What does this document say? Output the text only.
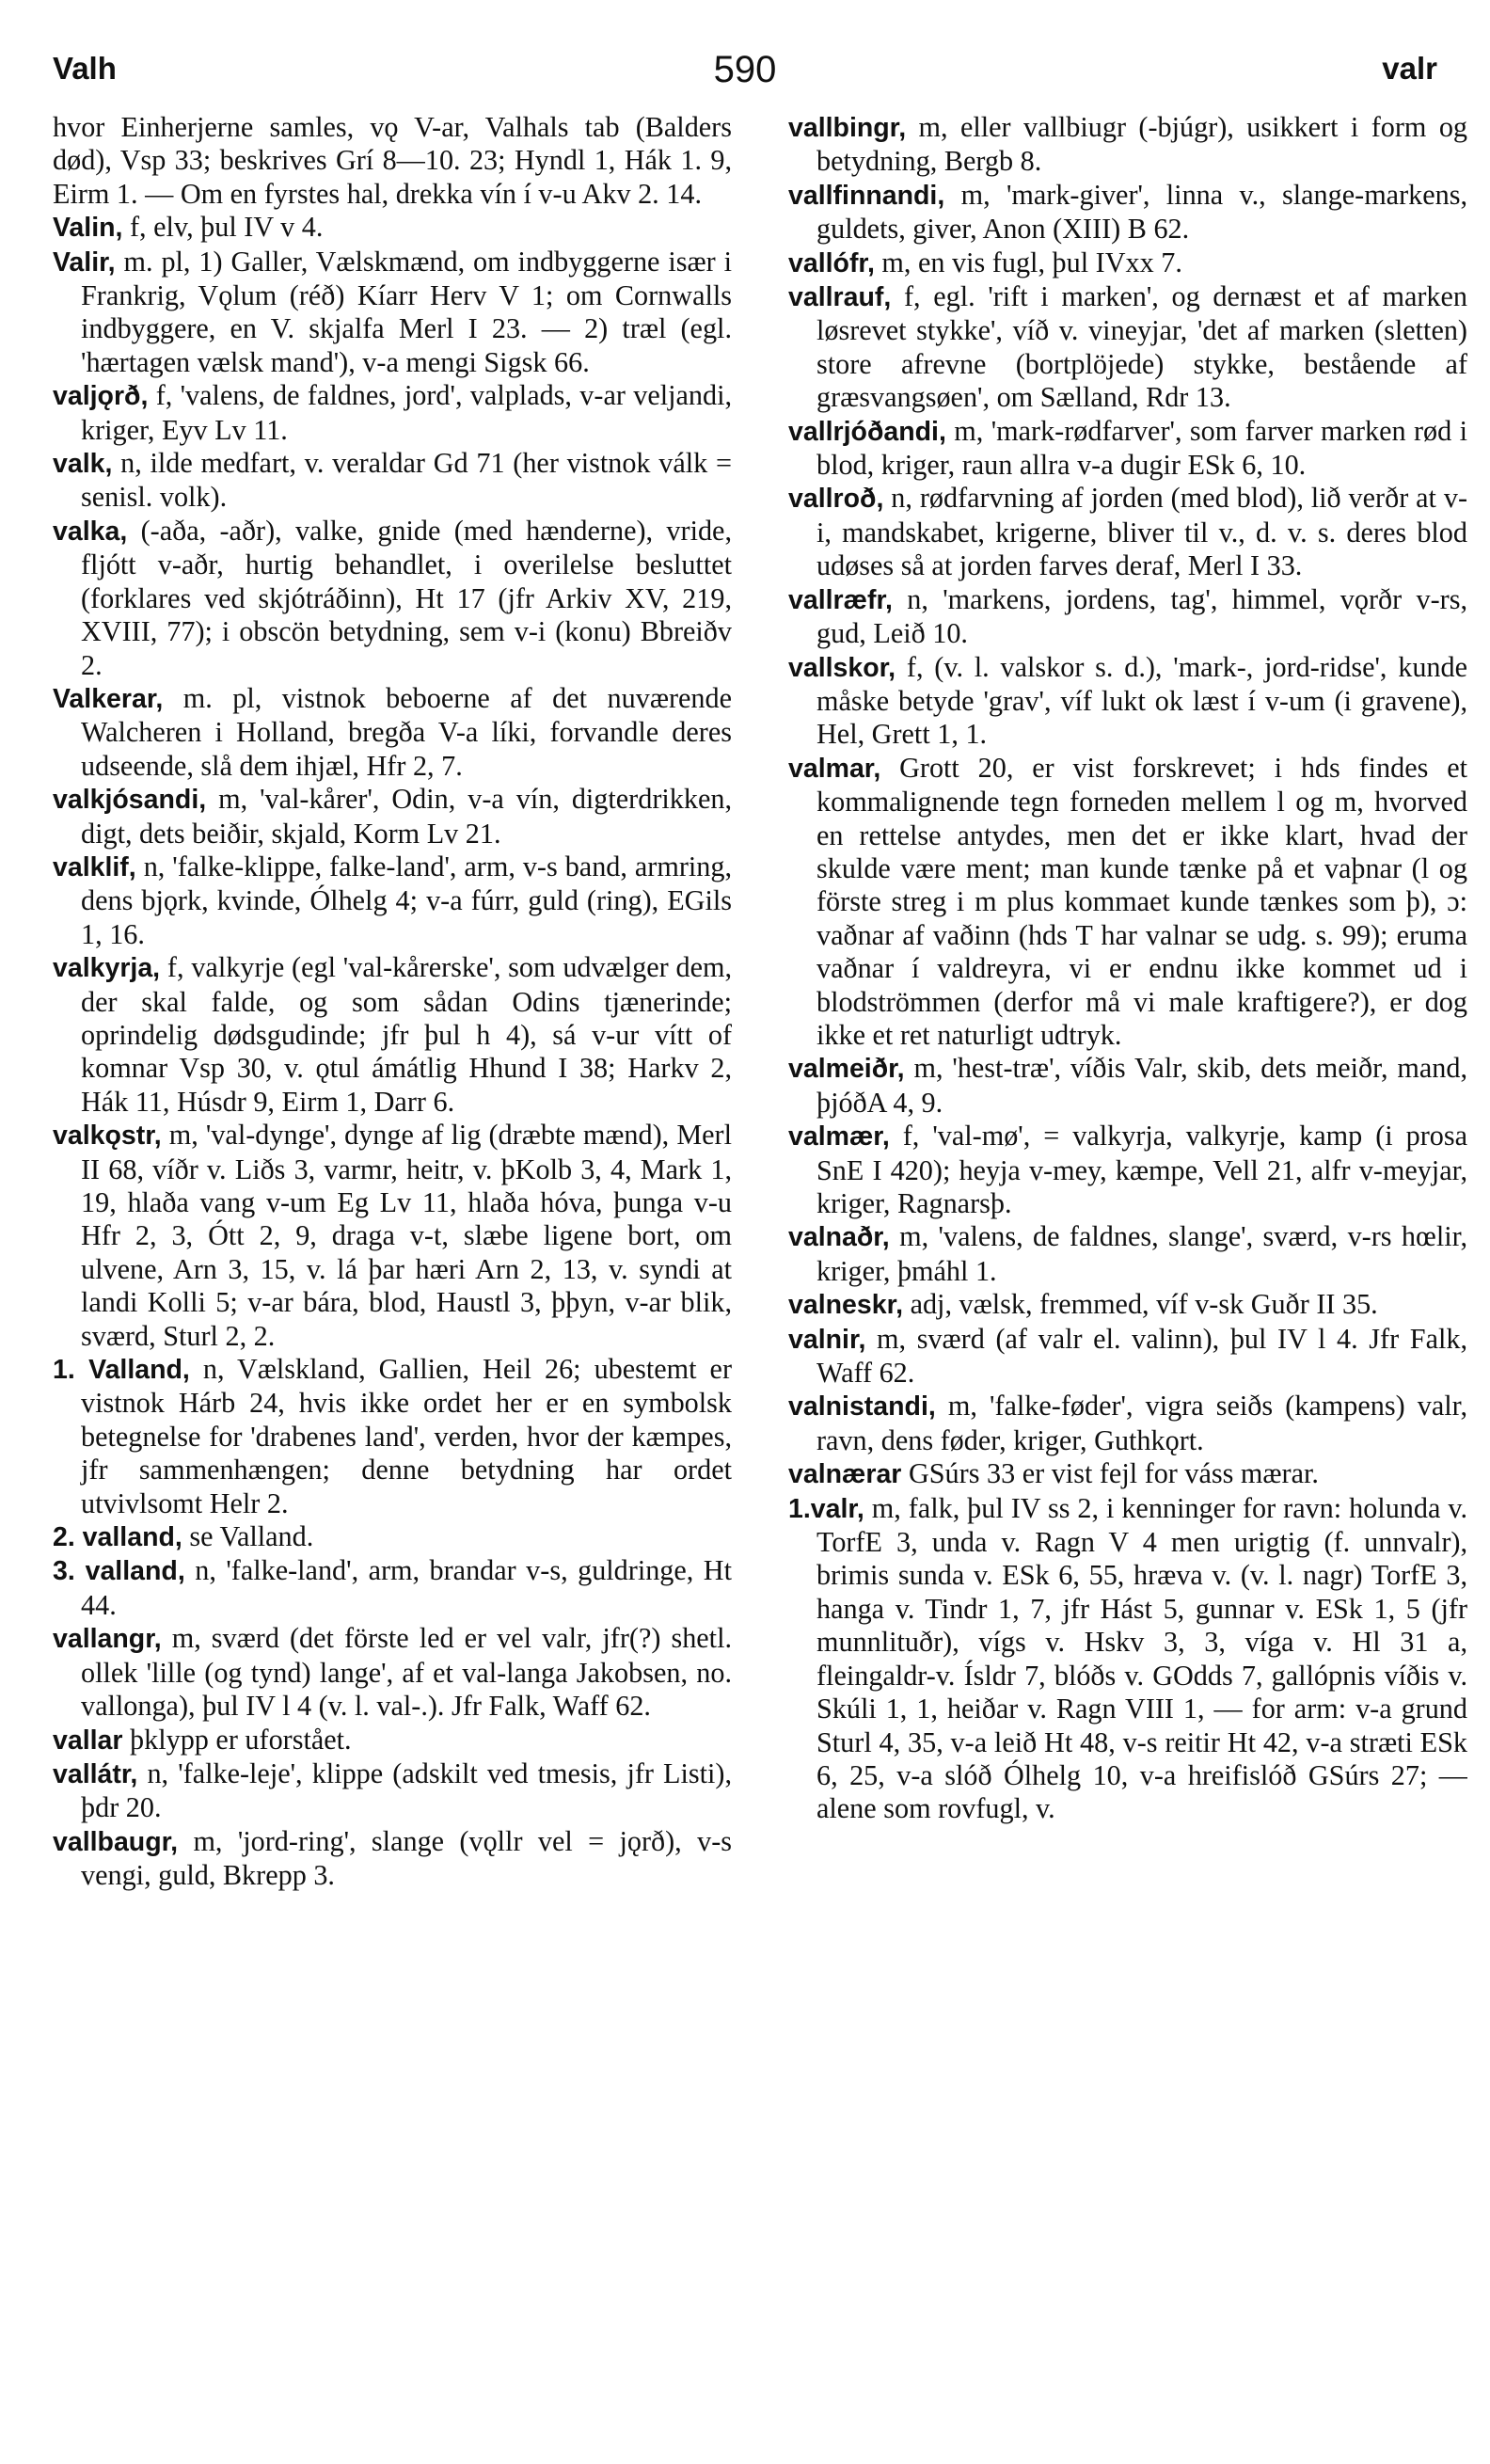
Valh	590	valr

hvor Einherjerne samles, vǫ V-ar, Valhals tab (Balders død), Vsp 33; beskrives Grí 8—10. 23; Hyndl 1, Hák 1. 9, Eirm 1. — Om en fyrstes hal, drekka vín í v-u Akv 2. 14.

Valin, f, elv, þul IV v 4.

Valir, m. pl, 1) Galler, Vælskmænd, om indbyggerne især i Frankrig, Vǫlum (réð) Kíarr Herv V 1; om Cornwalls indbyggere, en V. skjalfa Merl I 23. — 2) træl (egl. 'hærtagen vælsk mand'), v-a mengi Sigsk 66.

valjǫrð, f, 'valens, de faldnes, jord', valplads, v-ar veljandi, kriger, Eyv Lv 11.

valk, n, ilde medfart, v. veraldar Gd 71 (her vistnok válk = senisl. volk).

valka, (-aða, -aðr), valke, gnide (med hænderne), vride, fljótt v-aðr, hurtig behandlet, i overilelse besluttet (forklares ved skjótráðinn), Ht 17 (jfr Arkiv XV, 219, XVIII, 77); i obscön betydning, sem v-i (konu) Bbreiðv 2.

Valkerar, m. pl, vistnok beboerne af det nuværende Walcheren i Holland, bregða V-a líki, forvandle deres udseende, slå dem ihjæl, Hfr 2, 7.

valkjósandi, m, 'val-kårer', Odin, v-a vín, digterdrikken, digt, dets beiðir, skjald, Korm Lv 21.

valklif, n, 'falke-klippe, falke-land', arm, v-s band, armring, dens bjǫrk, kvinde, Ólhelg 4; v-a fúrr, guld (ring), EGils 1, 16.

valkyrja, f, valkyrje (egl 'val-kårerske', som udvælger dem, der skal falde, og som sådan Odins tjænerinde; oprindelig dødsgudinde; jfr þul h 4), sá v-ur vítt of komnar Vsp 30, v. ǫtul ámátlig Hhund I 38; Harkv 2, Hák 11, Húsdr 9, Eirm 1, Darr 6.

valkǫstr, m, 'val-dynge', dynge af lig (dræbte mænd), Merl II 68, víðr v. Liðs 3, varmr, heitr, v. þKolb 3, 4, Mark 1, 19, hlaða vang v-um Eg Lv 11, hlaða hóva, þunga v-u Hfr 2, 3, Ótt 2, 9, draga v-t, slæbe ligene bort, om ulvene, Arn 3, 15, v. lá þar hæri Arn 2, 13, v. syndi at landi Kolli 5; v-ar bára, blod, Haustl 3, þþyn, v-ar blik, sværd, Sturl 2, 2.

1. Valland, n, Vælskland, Gallien, Heil 26; ubestemt er vistnok Hárb 24, hvis ikke ordet her er en symbolsk betegnelse for 'drabenes land', verden, hvor der kæmpes, jfr sammenhængen; denne betydning har ordet utvivlsomt Helr 2.

2. valland, se Valland.

3. valland, n, 'falke-land', arm, brandar v-s, guldringe, Ht 44.

vallangr, m, sværd (det förste led er vel valr, jfr(?) shetl. ollek 'lille (og tynd) lange', af et val-langa Jakobsen, no. vallonga), þul IV l 4 (v. l. val-.). Jfr Falk, Waff 62.

vallar þklypp er uforstået.

vallátr, n, 'falke-leje', klippe (adskilt ved tmesis, jfr Listi), þdr 20.

vallbaugr, m, 'jord-ring', slange (vǫllr vel = jǫrð), v-s vengi, guld, Bkrepp 3.

vallbingr, m, eller vallbiugr (-bjúgr), usikkert i form og betydning, Bergb 8.

vallfinnandi, m, 'mark-giver', linna v., slange-markens, guldets, giver, Anon (XIII) B 62.

vallófr, m, en vis fugl, þul IVxx 7.

vallrauf, f, egl. 'rift i marken', og dernæst et af marken løsrevet stykke', víð v. vineyjar, 'det af marken (sletten) store afrevne (bortplöjede) stykke, bestående af græsvangsøen', om Sælland, Rdr 13.

vallrjóðandi, m, 'mark-rødfarver', som farver marken rød i blod, kriger, raun allra v-a dugir ESk 6, 10.

vallroð, n, rødfarvning af jorden (med blod), lið verðr at v-i, mandskabet, krigerne, bliver til v., d. v. s. deres blod udøses så at jorden farves deraf, Merl I 33.

vallræfr, n, 'markens, jordens, tag', himmel, vǫrðr v-rs, gud, Leið 10.

vallskor, f, (v. l. valskor s. d.), 'mark-, jord-ridse', kunde måske betyde 'grav', víf lukt ok læst í v-um (i gravene), Hel, Grett 1, 1.

valmar, Grott 20, er vist forskrevet; i hds findes et kommalignende tegn forneden mellem l og m, hvorved en rettelse antydes, men det er ikke klart, hvad der skulde være ment; man kunde tænke på et vaþnar (l og förste streg i m plus kommaet kunde tænkes som þ), ɔ: vaðnar af vaðinn (hds T har valnar se udg. s. 99); eruma vaðnar í valdreyra, vi er endnu ikke kommet ud i blodströmmen (derfor må vi male kraftigere?), er dog ikke et ret naturligt udtryk.

valmeiðr, m, 'hest-træ', víðis Valr, skib, dets meiðr, mand, þjóðA 4, 9.

valmær, f, 'val-mø', = valkyrja, valkyrje, kamp (i prosa SnE I 420); heyja v-mey, kæmpe, Vell 21, alfr v-meyjar, kriger, Ragnarsþ.

valnaðr, m, 'valens, de faldnes, slange', sværd, v-rs hœlir, kriger, þmáhl 1.

valneskr, adj, vælsk, fremmed, víf v-sk Guðr II 35.

valnir, m, sværd (af valr el. valinn), þul IV l 4. Jfr Falk, Waff 62.

valnistandi, m, 'falke-føder', vigra seiðs (kampens) valr, ravn, dens føder, kriger, Guthkǫrt.

valnærar GSúrs 33 er vist fejl for váss mærar.

1.valr, m, falk, þul IV ss 2, i kenninger for ravn: holunda v. TorfE 3, unda v. Ragn V 4 men urigtig (f. unnvalr), brimis sunda v. ESk 6, 55, hræva v. (v. l. nagr) TorfE 3, hanga v. Tindr 1, 7, jfr Hást 5, gunnar v. ESk 1, 5 (jfr munnlituðr), vígs v. Hskv 3, 3, víga v. Hl 31 a, fleingaldr-v. Ísldr 7, blóðs v. GOdds 7, gallópnis víðis v. Skúli 1, 1, heiðar v. Ragn VIII 1, — for arm: v-a grund Sturl 4, 35, v-a leið Ht 48, v-s reitir Ht 42, v-a stræti ESk 6, 25, v-a slóð Ólhelg 10, v-a hreifislóð GSúrs 27; — alene som rovfugl, v.
